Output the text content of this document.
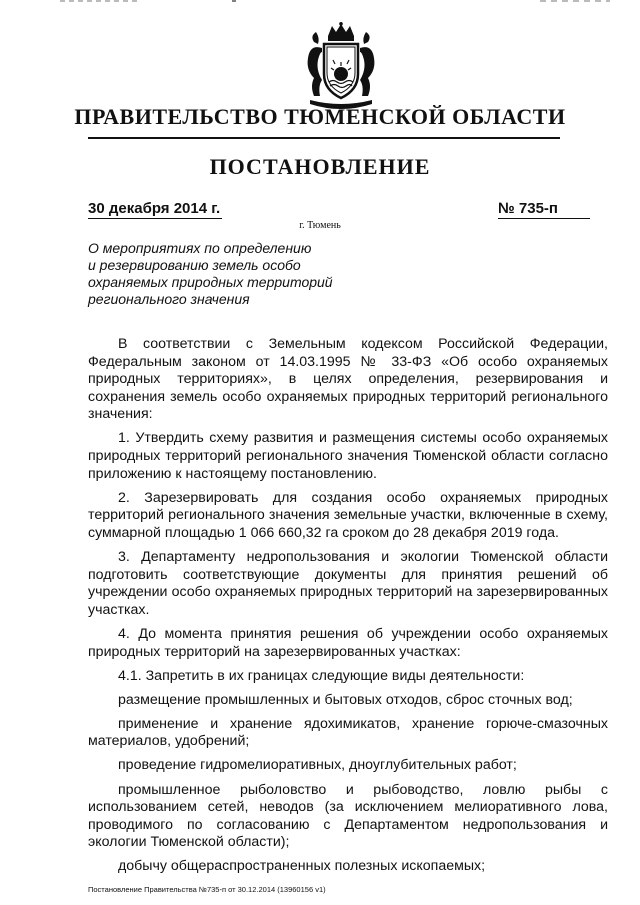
ПРАВИТЕЛЬСТВО ТЮМЕНСКОЙ ОБЛАСТИ
ПОСТАНОВЛЕНИЕ
30 декабря 2014 г.	№ 735-п
г. Тюмень
О мероприятиях по определению
и резервированию земель особо
охраняемых природных территорий
регионального значения

В соответствии с Земельным кодексом Российской Федерации, Федеральным законом от 14.03.1995 № 33-ФЗ «Об особо охраняемых природных территориях», в целях определения, резервирования и сохранения земель особо охраняемых природных территорий регионального значения:

1. Утвердить схему развития и размещения системы особо охраняемых природных территорий регионального значения Тюменской области согласно приложению к настоящему постановлению.

2. Зарезервировать для создания особо охраняемых природных территорий регионального значения земельные участки, включенные в схему, суммарной площадью 1 066 660,32 га сроком до 28 декабря 2019 года.

3. Департаменту недропользования и экологии Тюменской области подготовить соответствующие документы для принятия решений об учреждении особо охраняемых природных территорий на зарезервированных участках.

4. До момента принятия решения об учреждении особо охраняемых природных территорий на зарезервированных участках:

4.1. Запретить в их границах следующие виды деятельности:

размещение промышленных и бытовых отходов, сброс сточных вод;

применение и хранение ядохимикатов, хранение горюче-смазочных материалов, удобрений;

проведение гидромелиоративных, дноуглубительных работ;

промышленное рыболовство и рыбоводство, ловлю рыбы с использованием сетей, неводов (за исключением мелиоративного лова, проводимого по согласованию с Департаментом недропользования и экологии Тюменской области);

добычу общераспространенных полезных ископаемых;

Постановление Правительства №735-п от 30.12.2014 (13960156 v1)
